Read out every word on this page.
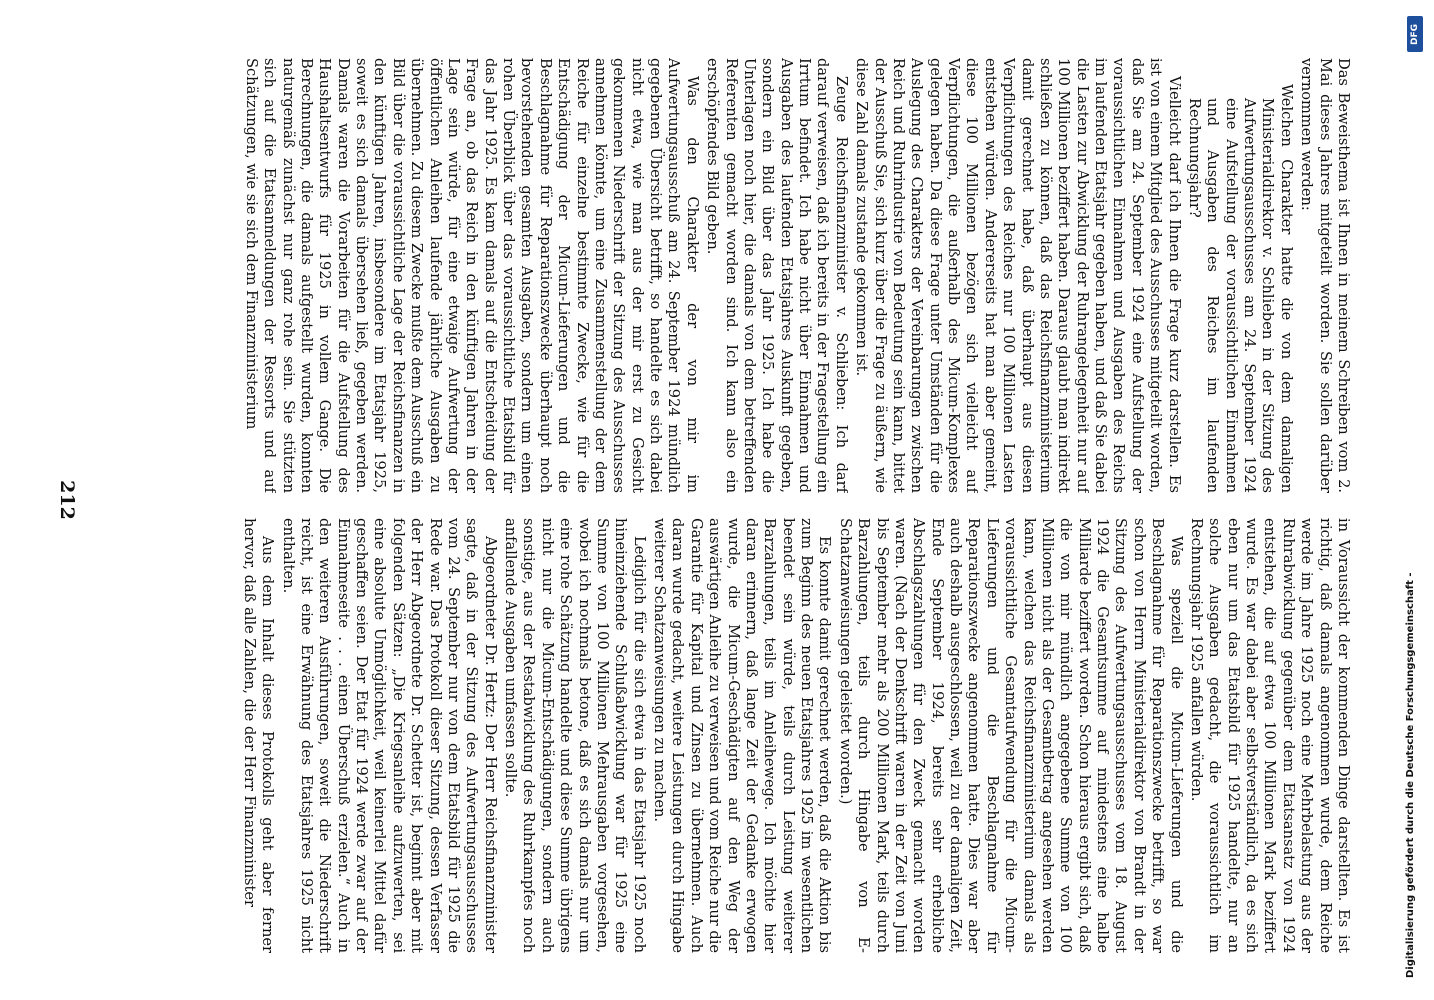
Das Beweisthema ist Ihnen in meinem Schreiben vom 2. Mai dieses Jahres mitgeteilt worden. Sie sollen darüber vernommen werden:

Welchen Charakter hatte die von dem damaligen Ministerialdirektor v. Schlieben in der Sitzung des Aufwertungsausschusses am 24. September 1924 eine Aufstellung der voraussichtlichen Einnahmen und Ausgaben des Reiches im laufenden Rechnungsjahr?

Vielleicht darf ich Ihnen die Frage kurz darstellen. Es ist von einem Mitglied des Ausschusses mitgeteilt worden, daß Sie am 24. September 1924 eine Aufstellung der voraussichtlichen Einnahmen und Ausgaben des Reichs im laufenden Etatsjahr gegeben haben, und daß Sie dabei die Lasten zur Abwicklung der Ruhrangelegenheit nur auf 100 Millionen beziffert haben. Daraus glaubt man indirekt schließen zu können, daß das Reichsfinanzministerium damit gerechnet habe, daß überhaupt aus diesen Verpflichtungen des Reiches nur 100 Millionen Lasten entstehen würden. Andererseits hat man aber gemeint, diese 100 Millionen bezögen sich vielleicht auf Verpflichtungen, die außerhalb des Micum-Komplexes gelegen haben. Da diese Frage unter Umständen für die Auslegung des Charakters der Vereinbarungen zwischen Reich und Ruhrindustrie von Bedeutung sein kann, bittet der Ausschuß Sie, sich kurz über die Frage zu äußern, wie diese Zahl damals zustande gekommen ist.

Zeuge Reichsfinanzminister v. Schlieben: Ich darf darauf verweisen, daß ich bereits in der Fragestellung ein Irrtum befindet. Ich habe nicht über Einnahmen und Ausgaben des laufenden Etatsjahres Auskunft gegeben, sondern ein Bild über das Jahr 1925. Ich habe die Unterlagen noch hier, die damals von dem betreffenden Referenten gemacht worden sind. Ich kann also ein erschöpfendes Bild geben.

Was den Charakter der von mir im Aufwertungsausschuß am 24. September 1924 mündlich gegebenen Übersicht betrifft, so handelte es sich dabei nicht etwa, wie man aus der mir erst zu Gesicht gekommenen Niederschrift der Sitzung des Ausschusses annehmen könnte, um eine Zusammenstellung der dem Reiche für einzelne bestimmte Zwecke, wie für die Entschädigung der Micum-Lieferungen und die Beschlagnahme für Reparationszwecke überhaupt noch bevorstehenden gesamten Ausgaben, sondern um einen rohen Überblick über das voraussichtliche Etatsbild für das Jahr 1925. Es kam damals auf die Entscheidung der Frage an, ob das Reich in den künftigen Jahren in der Lage sein würde, für eine etwaige Aufwertung der öffentlichen Anleihen laufende jährliche Ausgaben zu übernehmen. Zu diesem Zwecke mußte dem Ausschuß ein Bild über die voraussichtliche Lage der Reichsfinanzen in den künftigen Jahren, insbesondere im Etatsjahr 1925, soweit es sich damals übersehen ließ, gegeben werden. Damals waren die Vorarbeiten für die Aufstellung des Haushaltsentwurfs für 1925 in vollem Gange. Die Berechnungen, die damals aufgestellt wurden, konnten naturgemäß zunächst nur ganz rohe sein. Sie stützten sich auf die Etatsanmeldungen der Ressorts und auf Schätzungen, wie sie sich dem Finanzministerium

in Voraussicht der kommenden Dinge darstellten. Es ist richtig, daß damals angenommen wurde, dem Reiche werde im Jahre 1925 noch eine Mehrbelastung aus der Ruhrabwicklung gegenüber dem Etatsansatz von 1924 entstehen, die auf etwa 100 Millionen Mark beziffert wurde. Es war dabei aber selbstverständlich, da es sich eben nur um das Etatsbild für 1925 handelte, nur an solche Ausgaben gedacht, die voraussichtlich im Rechnungsjahr 1925 anfallen würden.

Was speziell die Micum-Lieferungen und die Beschlagnahme für Reparationszwecke betrifft, so war schon von Herrn Ministerialdirektor von Brandt in der Sitzung des Aufwertungsausschusses vom 18. August 1924 die Gesamtsumme auf mindestens eine halbe Milliarde beziffert worden. Schon hieraus ergibt sich, daß die von mir mündlich angegebene Summe von 100 Millionen nicht als der Gesamtbetrag angesehen werden kann, welchen das Reichsfinanzministerium damals als voraussichtliche Gesamtaufwendung für die Micum-Lieferungen und die Beschlagnahme für Reparationszwecke angenommen hatte. Dies war aber auch deshalb ausgeschlossen, weil zu der damaligen Zeit, Ende September 1924, bereits sehr erhebliche Abschlagszahlungen für den Zweck gemacht worden waren. (Nach der Denkschrift waren in der Zeit von Juni bis September mehr als 200 Millionen Mark, teils durch Barzahlungen, teils durch Hingabe von E-Schatzanweisungen geleistet worden.)

Es konnte damit gerechnet werden, daß die Aktion bis zum Beginn des neuen Etatsjahres 1925 im wesentlichen beendet sein würde, teils durch Leistung weiterer Barzahlungen, teils im Anleihewege. Ich möchte hier daran erinnern, daß lange Zeit der Gedanke erwogen wurde, die Micum-Geschädigten auf den Weg der auswärtigen Anleihe zu verweisen und vom Reiche nur die Garantie für Kapital und Zinsen zu übernehmen. Auch daran wurde gedacht, weitere Leistungen durch Hingabe weiterer Schatzanweisungen zu machen.

Lediglich für die sich etwa in das Etatsjahr 1925 noch hineinziehende Schlußabwicklung war für 1925 eine Summe von 100 Millionen Mehrausgaben vorgesehen, wobei ich nochmals betone, daß es sich damals nur um eine rohe Schätzung handelte und diese Summe übrigens nicht nur die Micum-Entschädigungen, sondern auch sonstige, aus der Restabwicklung des Ruhrkampfes noch anfallende Ausgaben umfassen sollte.

Abgeordneter Dr. Hertz: Der Herr Reichsfinanzminister sagte, daß in der Sitzung des Aufwertungsausschusses vom 24. September nur von dem Etatsbild für 1925 die Rede war. Das Protokoll dieser Sitzung, dessen Verfasser der Herr Abgeordnete Dr. Schetter ist, beginnt aber mit folgenden Sätzen: „Die Kriegsanleihe aufzuwerten, sei eine absolute Unmöglichkeit, weil keinerlei Mittel dafür geschaffen seien. Der Etat für 1924 werde zwar auf der Einnahmeseite . . . einen Überschuß erzielen.“ Auch in den weiteren Ausführungen, soweit die Niederschrift reicht, ist eine Erwähnung des Etatsjahres 1925 nicht enthalten.

Aus dem Inhalt dieses Protokolls geht aber ferner hervor, daß alle Zahlen, die der Herr Finanzminister

212
DFG
Digitalisierung gefördert durch die Deutsche Forschungsgemeinschaft -
